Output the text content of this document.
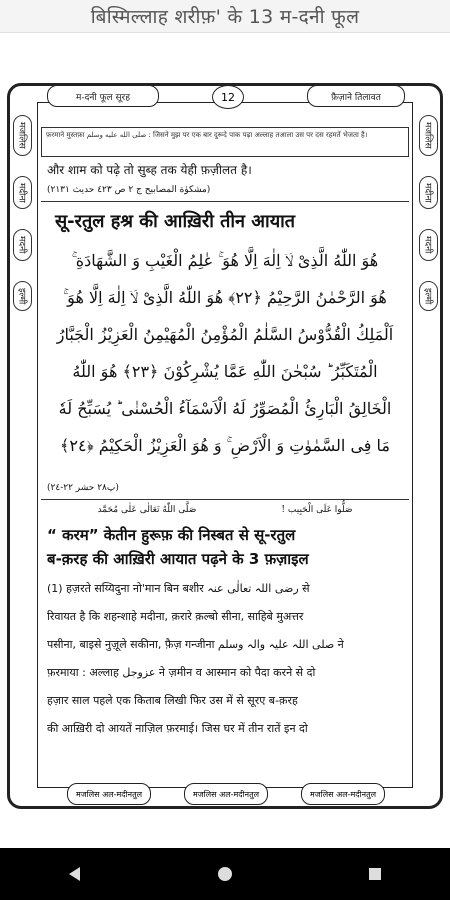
बिस्मिल्लाह शरीफ़' के 13 म-दनी फूल
मजलिस
मदीना
मदनी
इल्मी
मजलिस
मदीना
मदनी
इल्मी
म-दनी फूल सूरह	12	फ़ैज़ाने तिलावत
फ़रमाने मुस्तफ़ा صلى الله عليه وسلم : जिसने मुझ पर एक बार दुरूदे पाक पढ़ा अल्लाह तआला उस पर दस रहमतें भेजता है।
और शाम को पढ़े तो सुब्ह तक येही फ़ज़ीलत है।
(مشكوٰة المصابيح ج ٢ ص ٤٢٣ حديث ٢١٣١)
सू-रतुल हश्र की आख़िरी तीन आयात
هُوَ اللّٰهُ الَّذِیْ لَاۤ اِلٰهَ اِلَّا هُوَ ۚ عٰلِمُ الْغَیْبِ وَ الشَّهَادَةِ ۚ
هُوَ الرَّحْمٰنُ الرَّحِیْمُ ﴿٢٢﴾ هُوَ اللّٰهُ الَّذِیْ لَاۤ اِلٰهَ اِلَّا هُوَ ۚ
اَلْمَلِكُ الْقُدُّوْسُ السَّلٰمُ الْمُؤْمِنُ الْمُهَیْمِنُ الْعَزِیْزُ الْجَبَّارُ
الْمُتَكَبِّرُ ؕ سُبْحٰنَ اللّٰهِ عَمَّا یُشْرِكُوْنَ ﴿٢٣﴾ هُوَ اللّٰهُ
الْخَالِقُ الْبَارِئُ الْمُصَوِّرُ لَهُ الْاَسْمَآءُ الْحُسْنٰى ؕ یُسَبِّحُ لَهٗ
مَا فِی السَّمٰوٰتِ وَ الْاَرْضِ ۚ وَ هُوَ الْعَزِیْزُ الْحَكِیْمُ ﴿٢٤﴾
(پ٢٨ حشر ٢٢-٢٤)
صَلُّوا عَلَى الْحَبِيب !
صَلَّى اللّٰهُ تَعَالٰى عَلٰى مُحَمَّد
“ करम” केतीन हुरूफ़ की निस्बत से सू-रतुल
ब-क़रह की आख़िरी आयात पढ़ने के 3 फ़ज़ाइल
(1) हज़रते सय्यिदुना नो'मान बिन बशीर رضی اللہ تعالٰی عنہ से
रिवायत है कि शहन्शाहे मदीना, क़रारे क़ल्बो सीना, साहिबे मुअत्तर
पसीना, बाइसे नुज़ूले सकीना, फ़ैज़ गन्जीना صلی اللہ علیہ والہ وسلم ने
फ़रमाया : अल्लाह عزوجل ने ज़मीन व आस्मान को पैदा करने से दो
हज़ार साल पहले एक किताब लिखी फिर उस में से सूरए ब-क़रह
की आख़िरी दो आयतें नाज़िल फ़रमाई। जिस घर में तीन रातें इन दो
मजलिस अल-मदीनतुल	मजलिस अल-मदीनतुल	मजलिस अल-मदीनतुल
